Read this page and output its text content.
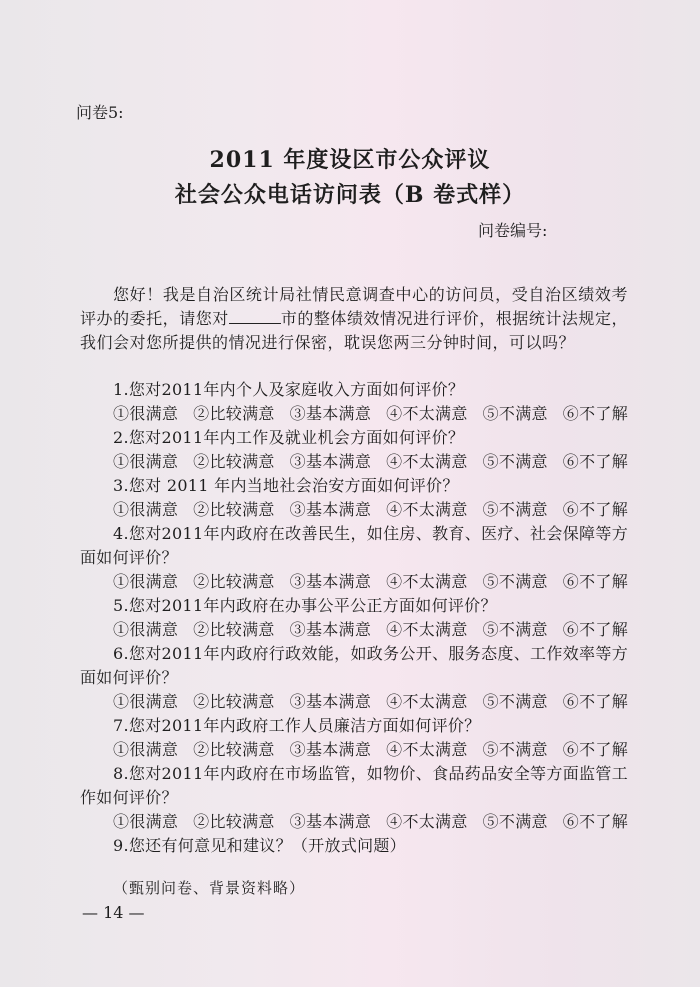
问卷5:
2011 年度设区市公众评议
社会公众电话访问表（B 卷式样）
问卷编号:
您好！我是自治区统计局社情民意调查中心的访问员，受自治区绩效考评办的委托，请您对	市的整体绩效情况进行评价，根据统计法规定，我们会对您所提供的情况进行保密，耽误您两三分钟时间，可以吗？
1.您对2011年内个人及家庭收入方面如何评价？
①很满意 ②比较满意 ③基本满意 ④不太满意 ⑤不满意 ⑥不了解
2.您对2011年内工作及就业机会方面如何评价？
①很满意 ②比较满意 ③基本满意 ④不太满意 ⑤不满意 ⑥不了解
3.您对 2011 年内当地社会治安方面如何评价？
①很满意 ②比较满意 ③基本满意 ④不太满意 ⑤不满意 ⑥不了解
4.您对2011年内政府在改善民生，如住房、教育、医疗、社会保障等方面如何评价？
①很满意 ②比较满意 ③基本满意 ④不太满意 ⑤不满意 ⑥不了解
5.您对2011年内政府在办事公平公正方面如何评价？
①很满意 ②比较满意 ③基本满意 ④不太满意 ⑤不满意 ⑥不了解
6.您对2011年内政府行政效能，如政务公开、服务态度、工作效率等方面如何评价？
①很满意 ②比较满意 ③基本满意 ④不太满意 ⑤不满意 ⑥不了解
7.您对2011年内政府工作人员廉洁方面如何评价？
①很满意 ②比较满意 ③基本满意 ④不太满意 ⑤不满意 ⑥不了解
8.您对2011年内政府在市场监管，如物价、食品药品安全等方面监管工作如何评价？
①很满意 ②比较满意 ③基本满意 ④不太满意 ⑤不满意 ⑥不了解
9.您还有何意见和建议？（开放式问题）
（甄别问卷、背景资料略）
— 14 —
